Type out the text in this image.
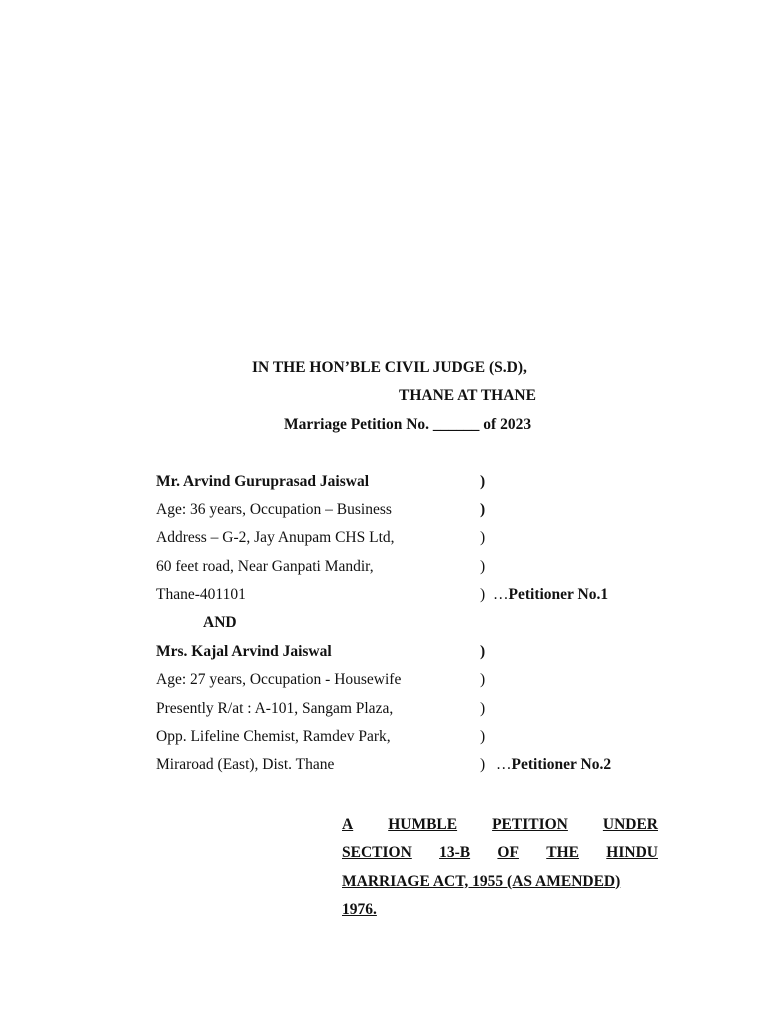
IN THE HON’BLE CIVIL JUDGE (S.D),
THANE AT THANE
Marriage Petition No. ______ of 2023
Mr. Arvind Guruprasad Jaiswal	)
Age: 36 years, Occupation – Business	)
Address – G-2, Jay Anupam CHS Ltd,	)
60 feet road, Near Ganpati Mandir,	)
Thane-401101	) …Petitioner No.1
AND
Mrs. Kajal Arvind Jaiswal	)
Age: 27 years, Occupation - Housewife	)
Presently R/at : A-101, Sangam Plaza,	)
Opp. Lifeline Chemist, Ramdev Park,	)
Miraroad (East), Dist. Thane	) …Petitioner No.2
A HUMBLE PETITION UNDER
SECTION 13-B OF THE HINDU
MARRIAGE ACT, 1955 (AS AMENDED)
1976.
